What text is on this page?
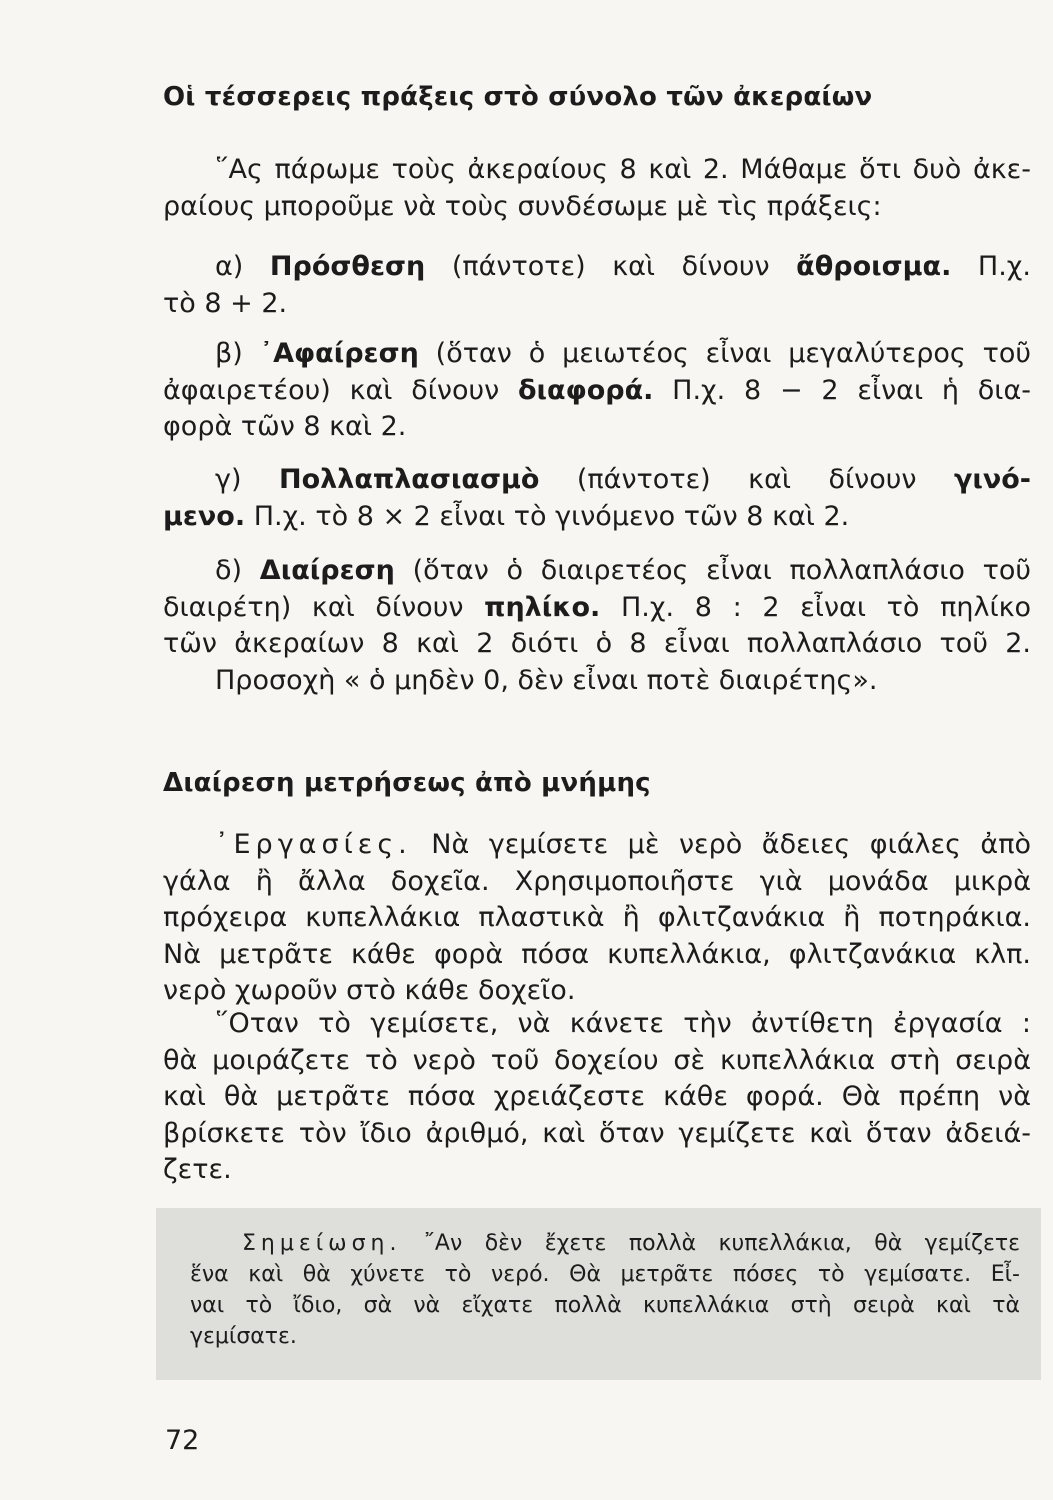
Οἱ τέσσερεις πράξεις στὸ σύνολο τῶν ἀκεραίων

῞Ας πάρωμε τοὺς ἀκεραίους 8 καὶ 2. Μάθαμε ὅτι δυὸ ἀκε-
ραίους μποροῦμε νὰ τοὺς συνδέσωμε μὲ τὶς πράξεις:

α) Πρόσθεση (πάντοτε) καὶ δίνουν ἄθροισμα. Π.χ.
τὸ 8 + 2.

β) ᾿Αφαίρεση (ὅταν ὁ μειωτέος εἶναι μεγαλύτερος τοῦ
ἀφαιρετέου) καὶ δίνουν διαφορά. Π.χ. 8 − 2 εἶναι ἡ δια-
φορὰ τῶν 8 καὶ 2.

γ) Πολλαπλασιασμὸ (πάντοτε) καὶ δίνουν γινό-
μενο. Π.χ. τὸ 8 × 2 εἶναι τὸ γινόμενο τῶν 8 καὶ 2.

δ) Διαίρεση (ὅταν ὁ διαιρετέος εἶναι πολλαπλάσιο τοῦ
διαιρέτη) καὶ δίνουν πηλίκο. Π.χ. 8 : 2 εἶναι τὸ πηλίκο
τῶν ἀκεραίων 8 καὶ 2 διότι ὁ 8 εἶναι πολλαπλάσιο τοῦ 2.
Προσοχὴ « ὁ μηδὲν 0, δὲν εἶναι ποτὲ διαιρέτης».

Διαίρεση μετρήσεως ἀπὸ μνήμης

᾿Εργασίες. Νὰ γεμίσετε μὲ νερὸ ἄδειες φιάλες ἀπὸ
γάλα ἢ ἄλλα δοχεῖα. Χρησιμοποιῆστε γιὰ μονάδα μικρὰ
πρόχειρα κυπελλάκια πλαστικὰ ἢ φλιτζανάκια ἢ ποτηράκια.
Νὰ μετρᾶτε κάθε φορὰ πόσα κυπελλάκια, φλιτζανάκια κλπ.
νερὸ χωροῦν στὸ κάθε δοχεῖο.

῞Οταν τὸ γεμίσετε, νὰ κάνετε τὴν ἀντίθετη ἐργασία :
θὰ μοιράζετε τὸ νερὸ τοῦ δοχείου σὲ κυπελλάκια στὴ σειρὰ
καὶ θὰ μετρᾶτε πόσα χρειάζεστε κάθε φορά. Θὰ πρέπη νὰ
βρίσκετε τὸν ἴδιο ἀριθμό, καὶ ὅταν γεμίζετε καὶ ὅταν ἀδειά-
ζετε.

Σημείωση. ῎Αν δὲν ἔχετε πολλὰ κυπελλάκια, θὰ γεμίζετε
ἕνα καὶ θὰ χύνετε τὸ νερό. Θὰ μετρᾶτε πόσες τὸ γεμίσατε. Εἶ-
ναι τὸ ἴδιο, σὰ νὰ εἴχατε πολλὰ κυπελλάκια στὴ σειρὰ καὶ τὰ
γεμίσατε.

72
